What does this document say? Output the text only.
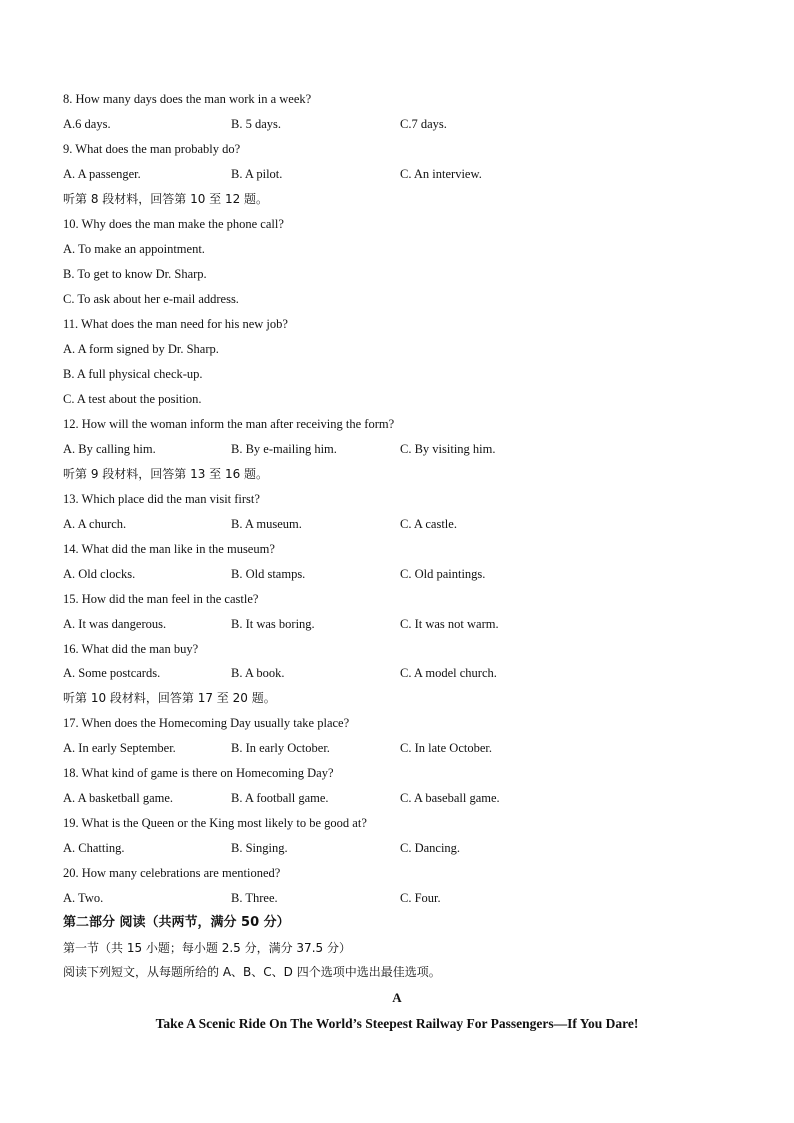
8. How many days does the man work in a week?
A.6 days.	B. 5 days.	C.7 days.
9. What does the man probably do?
A. A passenger.	B. A pilot.	C. An interview.
听第 8 段材料，回答第 10 至 12 题。
10. Why does the man make the phone call?
A. To make an appointment.
B. To get to know Dr. Sharp.
C. To ask about her e-mail address.
11. What does the man need for his new job?
A. A form signed by Dr. Sharp.
B. A full physical check-up.
C. A test about the position.
12. How will the woman inform the man after receiving the form?
A. By calling him.	B. By e-mailing him.	C. By visiting him.
听第 9 段材料，回答第 13 至 16 题。
13. Which place did the man visit first?
A. A church.	B. A museum.	C. A castle.
14. What did the man like in the museum?
A. Old clocks.	B. Old stamps.	C. Old paintings.
15. How did the man feel in the castle?
A. It was dangerous.	B. It was boring.	C. It was not warm.
16. What did the man buy?
A. Some postcards.	B. A book.	C. A model church.
听第 10 段材料，回答第 17 至 20 题。
17. When does the Homecoming Day usually take place?
A. In early September.	B. In early October.	C. In late October.
18. What kind of game is there on Homecoming Day?
A. A basketball game.	B. A football game.	C. A baseball game.
19. What is the Queen or the King most likely to be good at?
A. Chatting.	B. Singing.	C. Dancing.
20. How many celebrations are mentioned?
A. Two.	B. Three.	C. Four.
第二部分 阅读（共两节，满分 50 分）
第一节（共 15 小题；每小题 2.5 分，满分 37.5 分）
阅读下列短文，从每题所给的 A、B、C、D 四个选项中选出最佳选项。
A
Take A Scenic Ride On The World’s Steepest Railway For Passengers—If You Dare!
